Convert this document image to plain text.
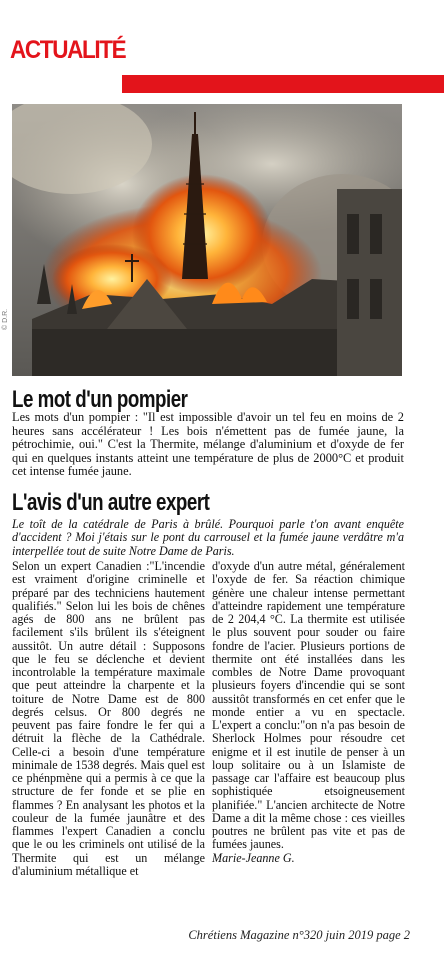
ACTUALITÉ
© D.R.
Le mot d'un pompier

Les mots d'un pompier : "Il est impossible d'avoir un tel feu en moins de 2 heures sans accélérateur ! Les bois n'émettent pas de fumée jaune, la pétrochimie, oui." C'est la Thermite, mélange d'aluminium et d'oxyde de fer qui en quelques instants atteint une température de plus de 2000°C et produit cet intense fumée jaune.

L'avis d'un autre expert

Le toît de la catédrale de Paris à brûlé. Pourquoi parle t'on avant enquête d'accident ? Moi j'étais sur le pont du carrousel et la fumée jaune verdâtre m'a interpellée tout de suite Notre Dame de Paris.

Selon un expert Canadien :"L'incendie est vraiment d'origine criminelle et préparé par des techniciens hautement qualifiés." Selon lui les bois de chênes agés de 800 ans ne brûlent pas facilement s'ils brûlent ils s'éteignent aussitôt. Un autre détail : Supposons que le feu se déclenche et devient incontrolable la température maximale que peut atteindre la charpente et la toiture de Notre Dame est de 800 degrés celsus. Or 800 degrés ne peuvent pas faire fondre le fer qui a détruit la flèche de la Cathédrale. Celle-ci a besoin d'une température minimale de 1538 degrés. Mais quel est ce phénpmène qui a permis à ce que la structure de fer fonde et se plie en flammes ? En analysant les photos et la couleur de la fumée jaunâtre et des flammes l'expert Canadien a conclu que le ou les criminels ont utilisé de la Thermite qui est un mélange d'aluminium métallique et

d'oxyde d'un autre métal, généralement l'oxyde de fer. Sa réaction chimique génère une chaleur intense permettant d'atteindre rapidement une température de 2 204,4 °C. La thermite est utilisée le plus souvent pour souder ou faire fondre de l'acier. Plusieurs portions de thermite ont été installées dans les combles de Notre Dame provoquant plusieurs foyers d'incendie qui se sont aussitôt transformés en cet enfer que le monde entier a vu en spectacle. L'expert a conclu:"on n'a pas besoin de Sherlock Holmes pour résoudre cet enigme et il est inutile de penser à un loup solitaire ou à un Islamiste de passage car l'affaire est beaucoup plus sophistiquée etsoigneusement planifiée." L'ancien architecte de Notre Dame a dit la même chose : ces vieilles poutres ne brûlent pas vite et pas de fumées jaunes.
Marie-Jeanne G.
Chrétiens Magazine n°320 juin 2019 page 2
